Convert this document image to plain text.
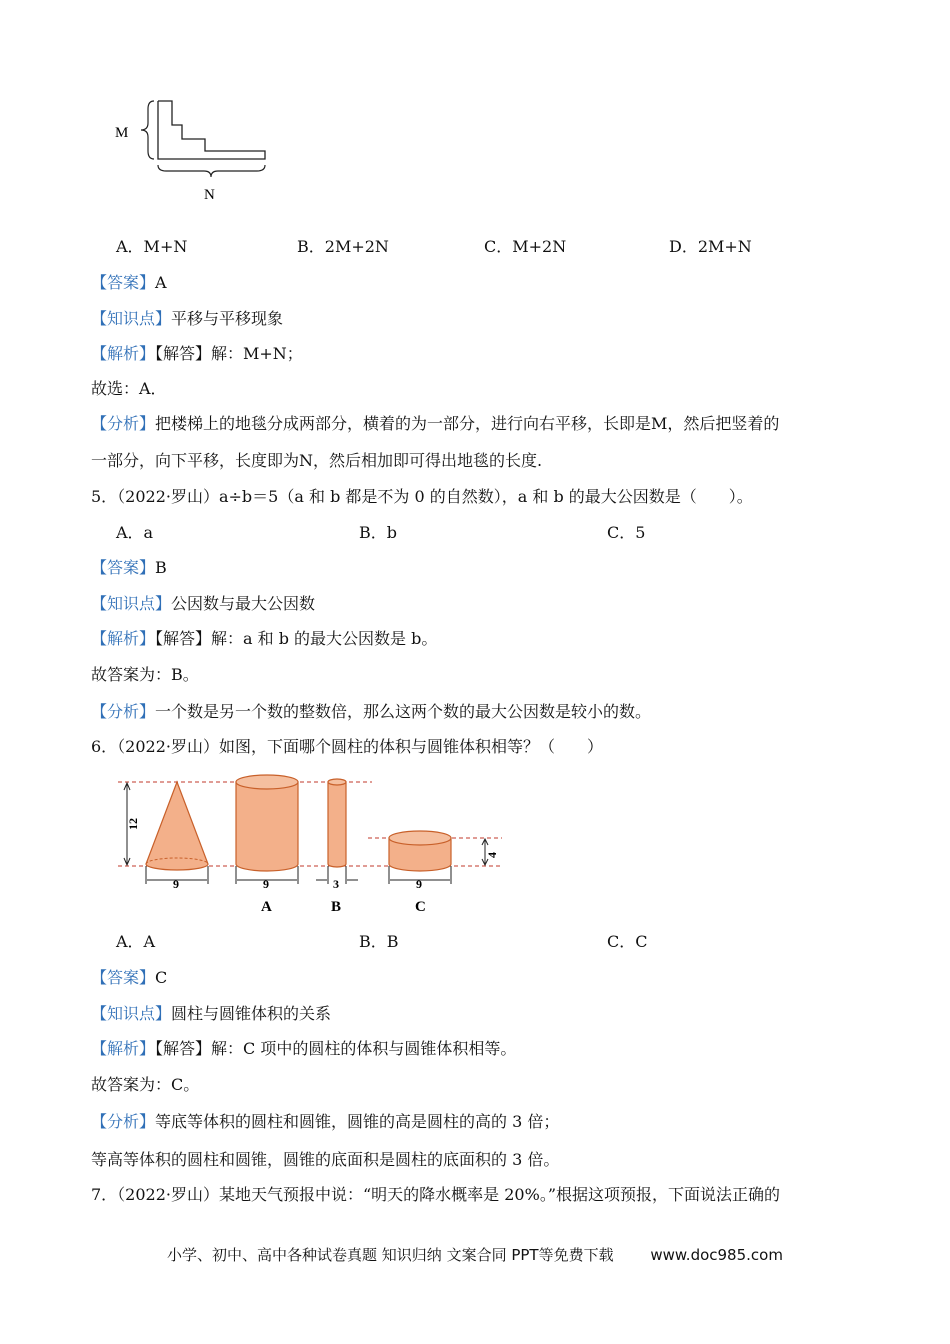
M
N
A．M+N	B．2M+2N	C．M+2N	D．2M+N
【答案】A
【知识点】平移与平移现象
【解析】【解答】解：M+N；
故选：A．
【分析】把楼梯上的地毯分成两部分，横着的为一部分，进行向右平移，长即是M，然后把竖着的
一部分，向下平移，长度即为N，然后相加即可得出地毯的长度.
5．（2022·罗山）a÷b＝5（a 和 b 都是不为 0 的自然数），a 和 b 的最大公因数是（　　）。
A．a	B．b	C．5
【答案】B
【知识点】公因数与最大公因数
【解析】【解答】解：a 和 b 的最大公因数是 b。
故答案为：B。
【分析】一个数是另一个数的整数倍，那么这两个数的最大公因数是较小的数。
6．（2022·罗山）如图，下面哪个圆柱的体积与圆锥体积相等？（　　）
12
4
9	9	3	9
A	B	C
A．A	B．B	C．C
【答案】C
【知识点】圆柱与圆锥体积的关系
【解析】【解答】解：C 项中的圆柱的体积与圆锥体积相等。
故答案为：C。
【分析】等底等体积的圆柱和圆锥，圆锥的高是圆柱的高的 3 倍；
等高等体积的圆柱和圆锥，圆锥的底面积是圆柱的底面积的 3 倍。
7．（2022·罗山）某地天气预报中说：“明天的降水概率是 20%。”根据这项预报，下面说法正确的
小学、初中、高中各种试卷真题 知识归纳 文案合同 PPT等免费下载 www.doc985.com
